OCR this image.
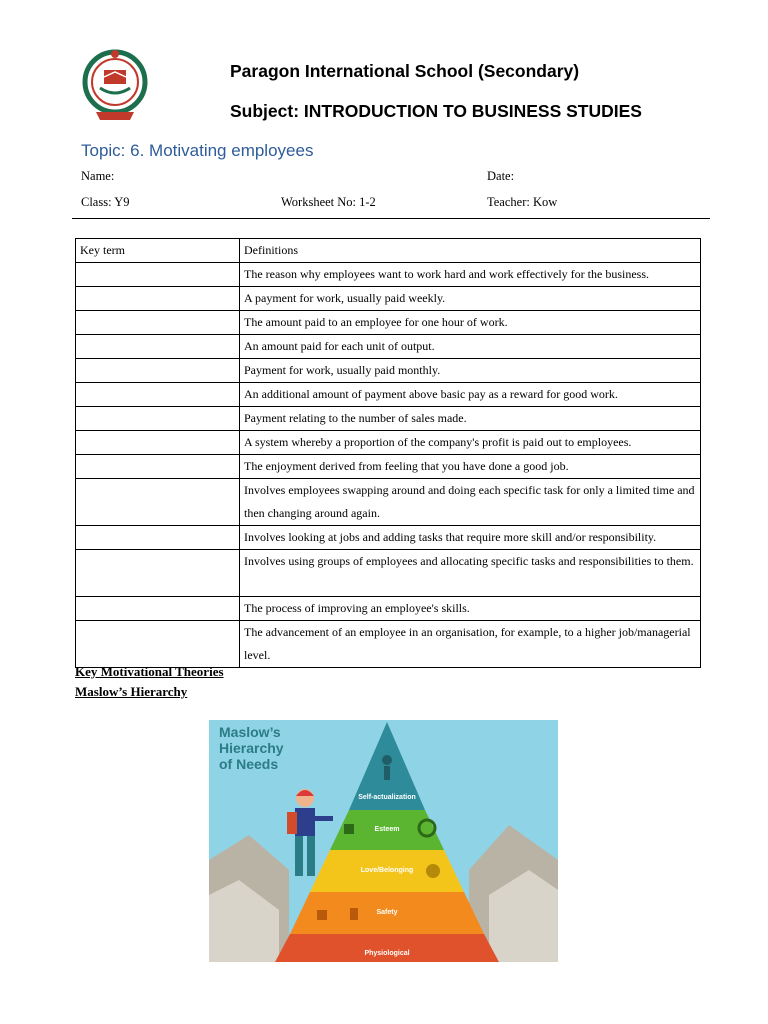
Paragon International School (Secondary)
Subject: INTRODUCTION TO BUSINESS STUDIES
Topic: 6. Motivating employees
Name:	Date:
Class: Y9	Worksheet No: 1-2	Teacher: Kow
Key term	Definitions
	The reason why employees want to work hard and work effectively for the business.
	A payment for work, usually paid weekly.
	The amount paid to an employee for one hour of work.
	An amount paid for each unit of output.
	Payment for work, usually paid monthly.
	An additional amount of payment above basic pay as a reward for good work.
	Payment relating to the number of sales made.
	A system whereby a proportion of the company's profit is paid out to employees.
	The enjoyment derived from feeling that you have done a good job.
	Involves employees swapping around and doing each specific task for only a limited time and then changing around again.
	Involves looking at jobs and adding tasks that require more skill and/or responsibility.
	Involves using groups of employees and allocating specific tasks and responsibilities to them.
	The process of improving an employee's skills.
	The advancement of an employee in an organisation, for example, to a higher job/managerial level.
Key Motivational Theories
Maslow’s Hierarchy
Maslow’s
Hierarchy
of Needs
Self-actualization
Esteem
Love/Belonging
Safety
Physiological
